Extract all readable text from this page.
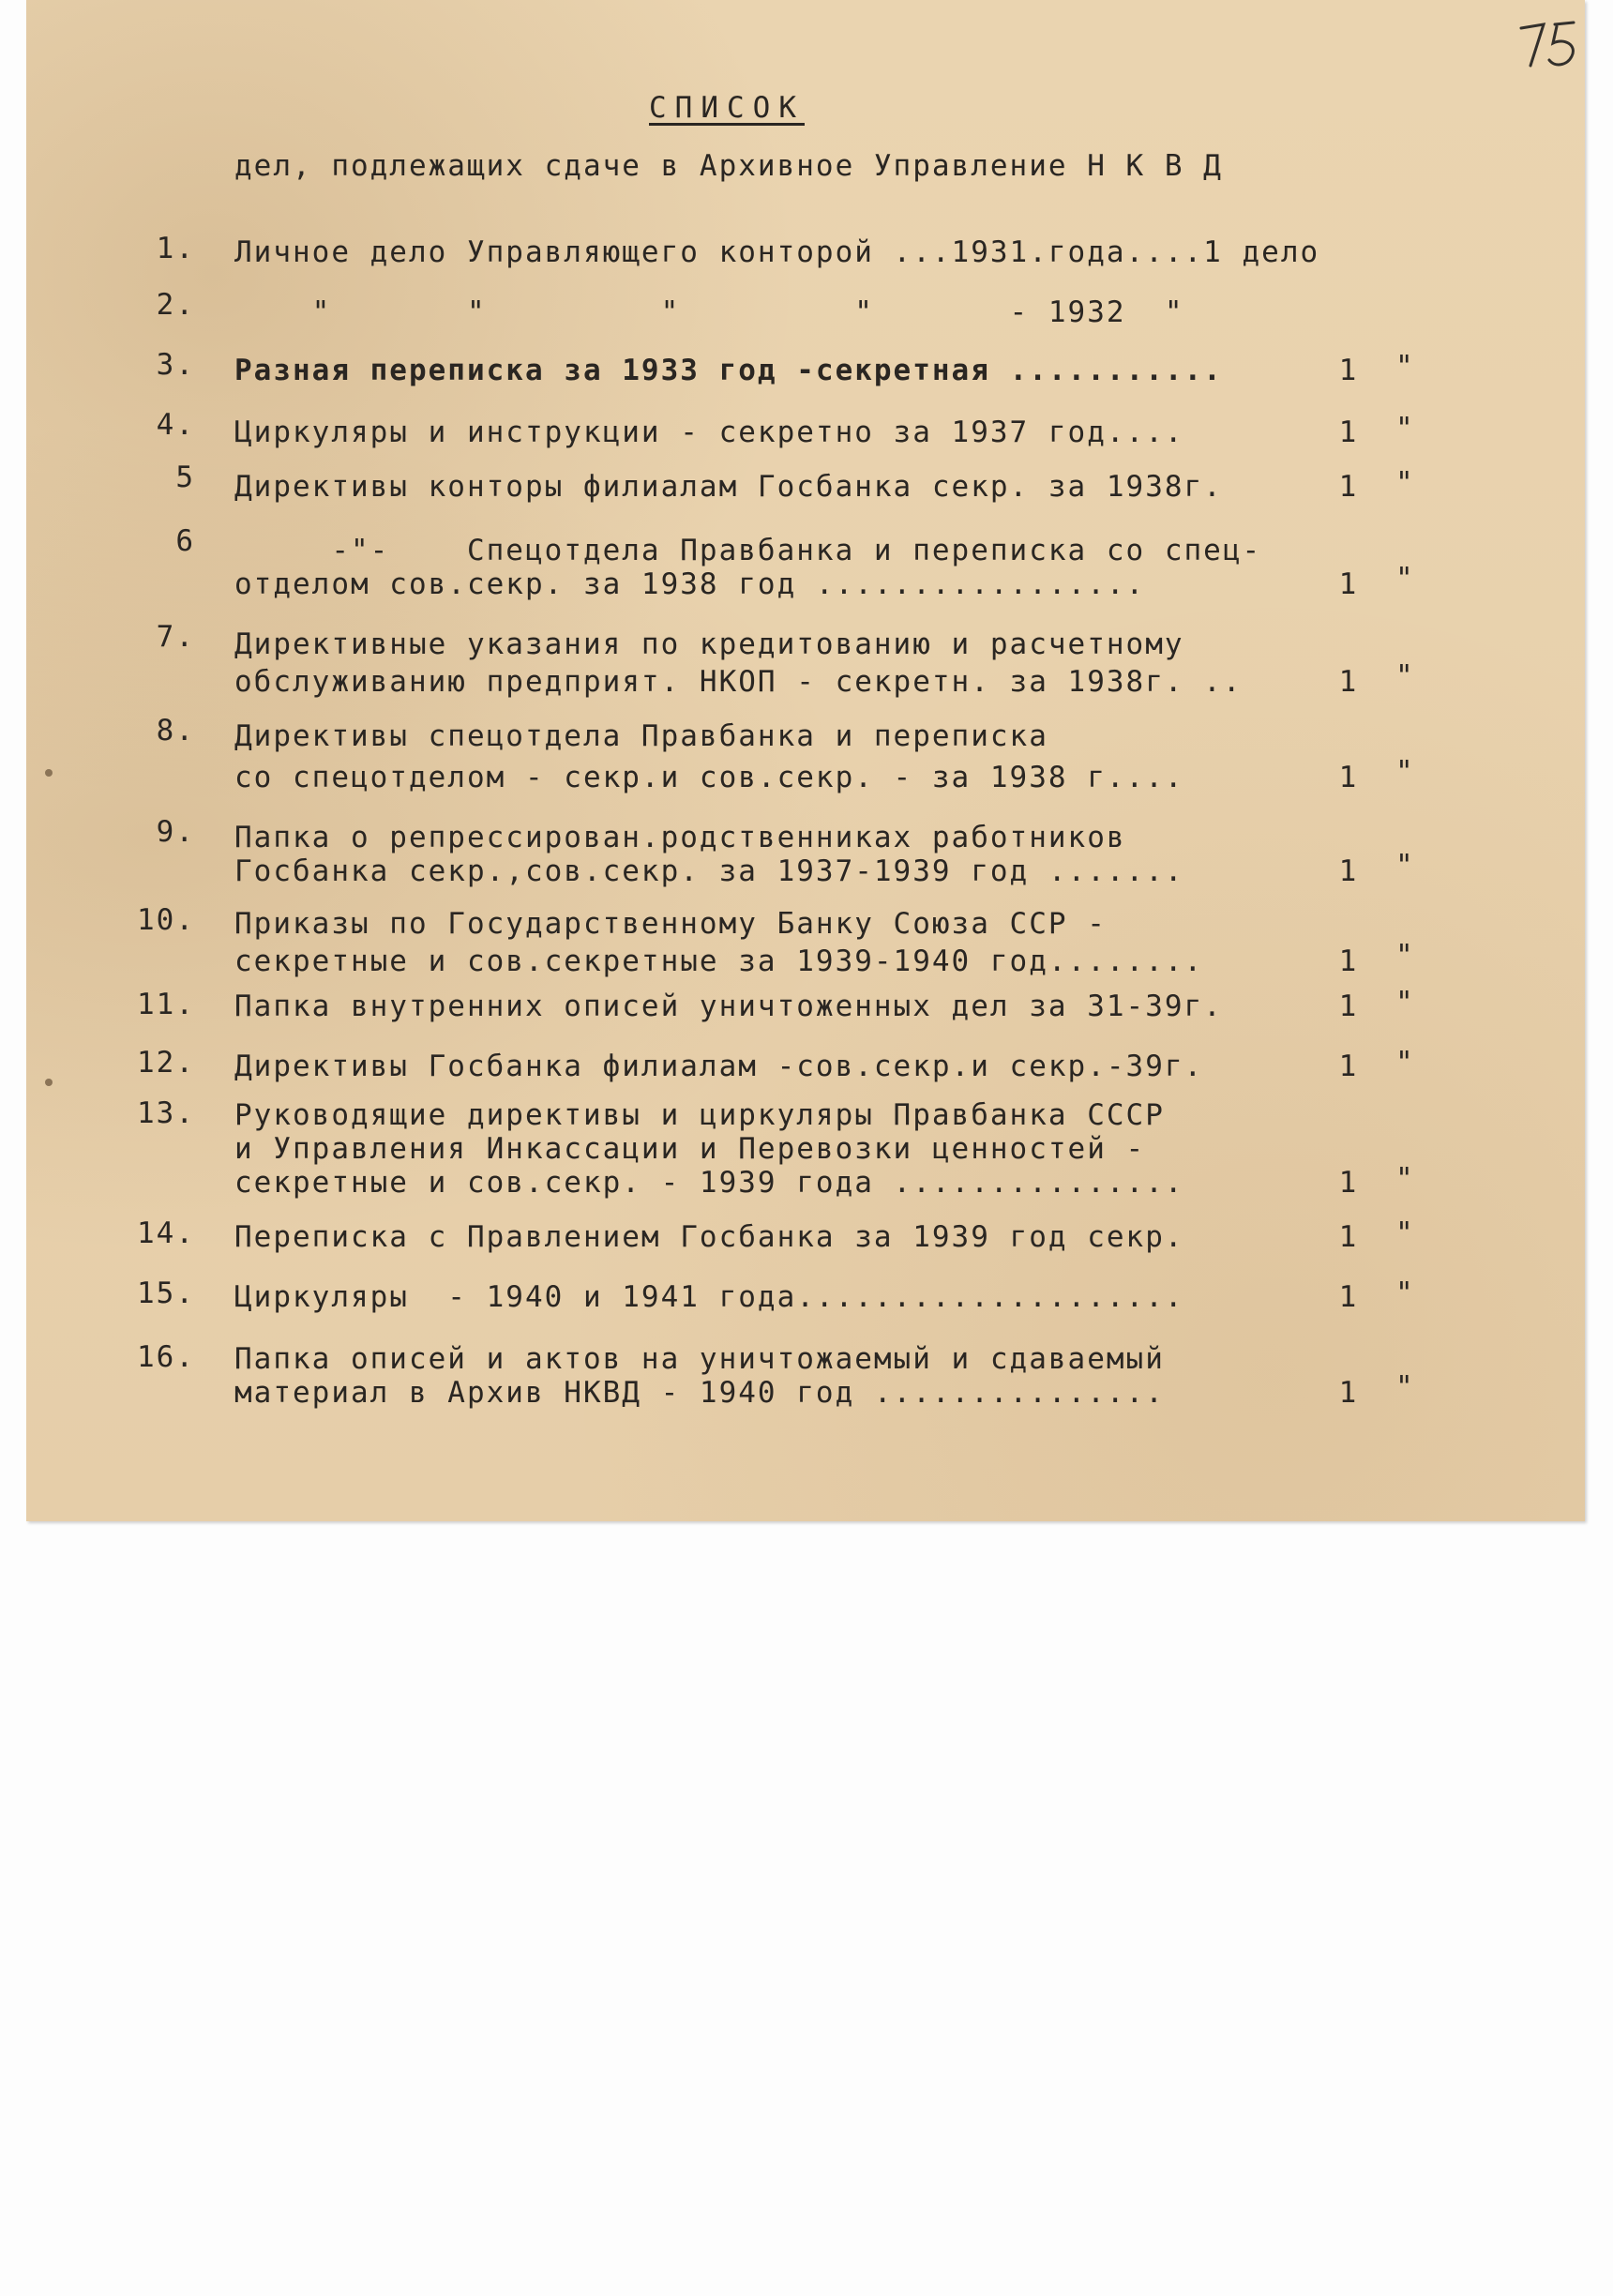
СПИСОК
дел, подлежащих сдаче в Архивное Управление Н К В Д
1. Личное дело Управляющего конторой ...1931.года....1 дело
2. "       "         "         "       - 1932  "
3. Разная переписка за 1933 год -секретная ...........	1	"
4. Циркуляры и инструкции - секретно за 1937 год....	1	"
5 Директивы конторы филиалам Госбанка секр. за 1938г.	1	"
6 -"-    Спецотдела Правбанка и переписка со спец-
отделом сов.секр. за 1938 год .................	1	"
7. Директивные указания по кредитованию и расчетному
обслуживанию предприят. НКОП - секретн. за 1938г. ..	1	"
8. Директивы спецотдела Правбанка и переписка
со спецотделом - секр.и сов.секр. - за 1938 г....	1	"
9. Папка о репрессирован.родственниках работников
Госбанка секр.,сов.секр. за 1937-1939 год .......	1	"
10. Приказы по Государственному Банку Союза ССР -
секретные и сов.секретные за 1939-1940 год........	1	"
11. Папка внутренних описей уничтоженных дел за 31-39г.	1	"
12. Директивы Госбанка филиалам -сов.секр.и секр.-39г.	1	"
13. Руководящие директивы и циркуляры Правбанка СССР
и Управления Инкассации и Перевозки ценностей -
секретные и сов.секр. - 1939 года ...............	1	"
14. Переписка с Правлением Госбанка за 1939 год секр.	1	"
15. Циркуляры  - 1940 и 1941 года....................	1	"
16. Папка описей и актов на уничтожаемый и сдаваемый
материал в Архив НКВД - 1940 год ...............	1	"
